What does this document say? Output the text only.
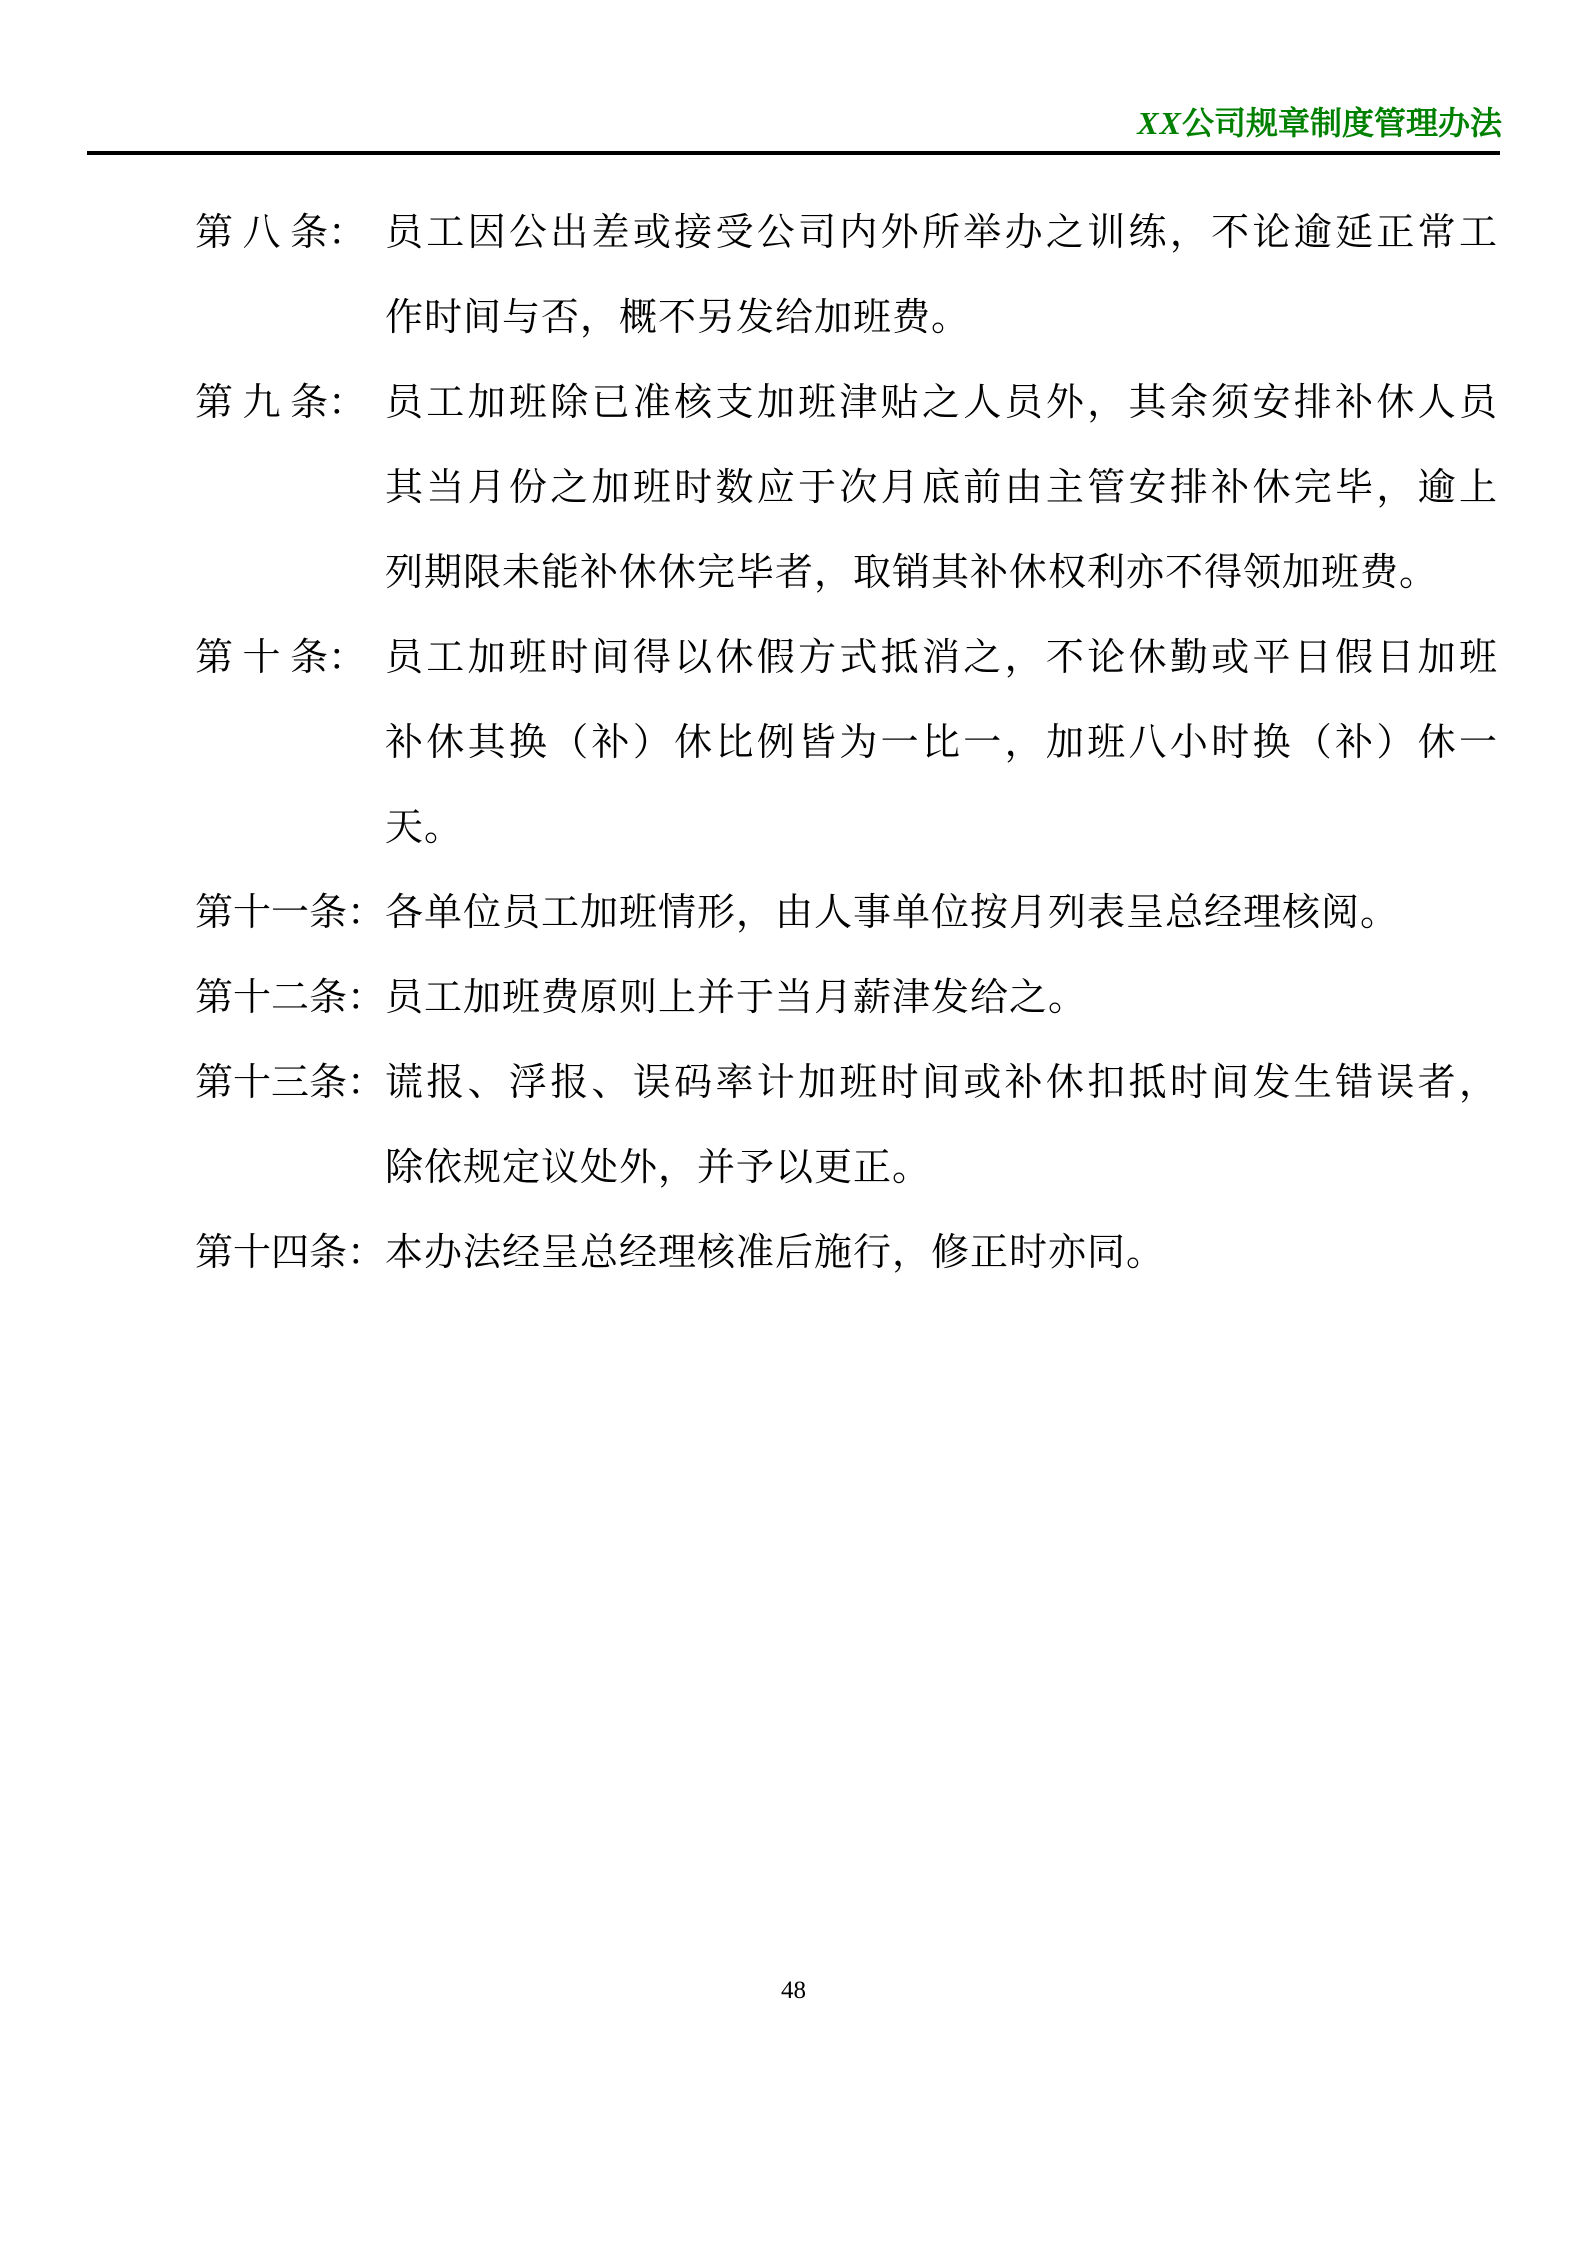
XX公司规章制度管理办法
第 八 条： 员工因公出差或接受公司内外所举办之训练，不论逾延正常工
作时间与否，概不另发给加班费。
第 九 条： 员工加班除已准核支加班津贴之人员外，其余须安排补休人员
其当月份之加班时数应于次月底前由主管安排补休完毕，逾上
列期限未能补休休完毕者，取销其补休权利亦不得领加班费。
第 十 条： 员工加班时间得以休假方式抵消之，不论休勤或平日假日加班
补休其换（补）休比例皆为一比一，加班八小时换（补）休一
天。
第十一条： 各单位员工加班情形，由人事单位按月列表呈总经理核阅。
第十二条： 员工加班费原则上并于当月薪津发给之。
第十三条： 谎报、浮报、误码率计加班时间或补休扣抵时间发生错误者，
除依规定议处外，并予以更正。
第十四条： 本办法经呈总经理核准后施行，修正时亦同。
48
